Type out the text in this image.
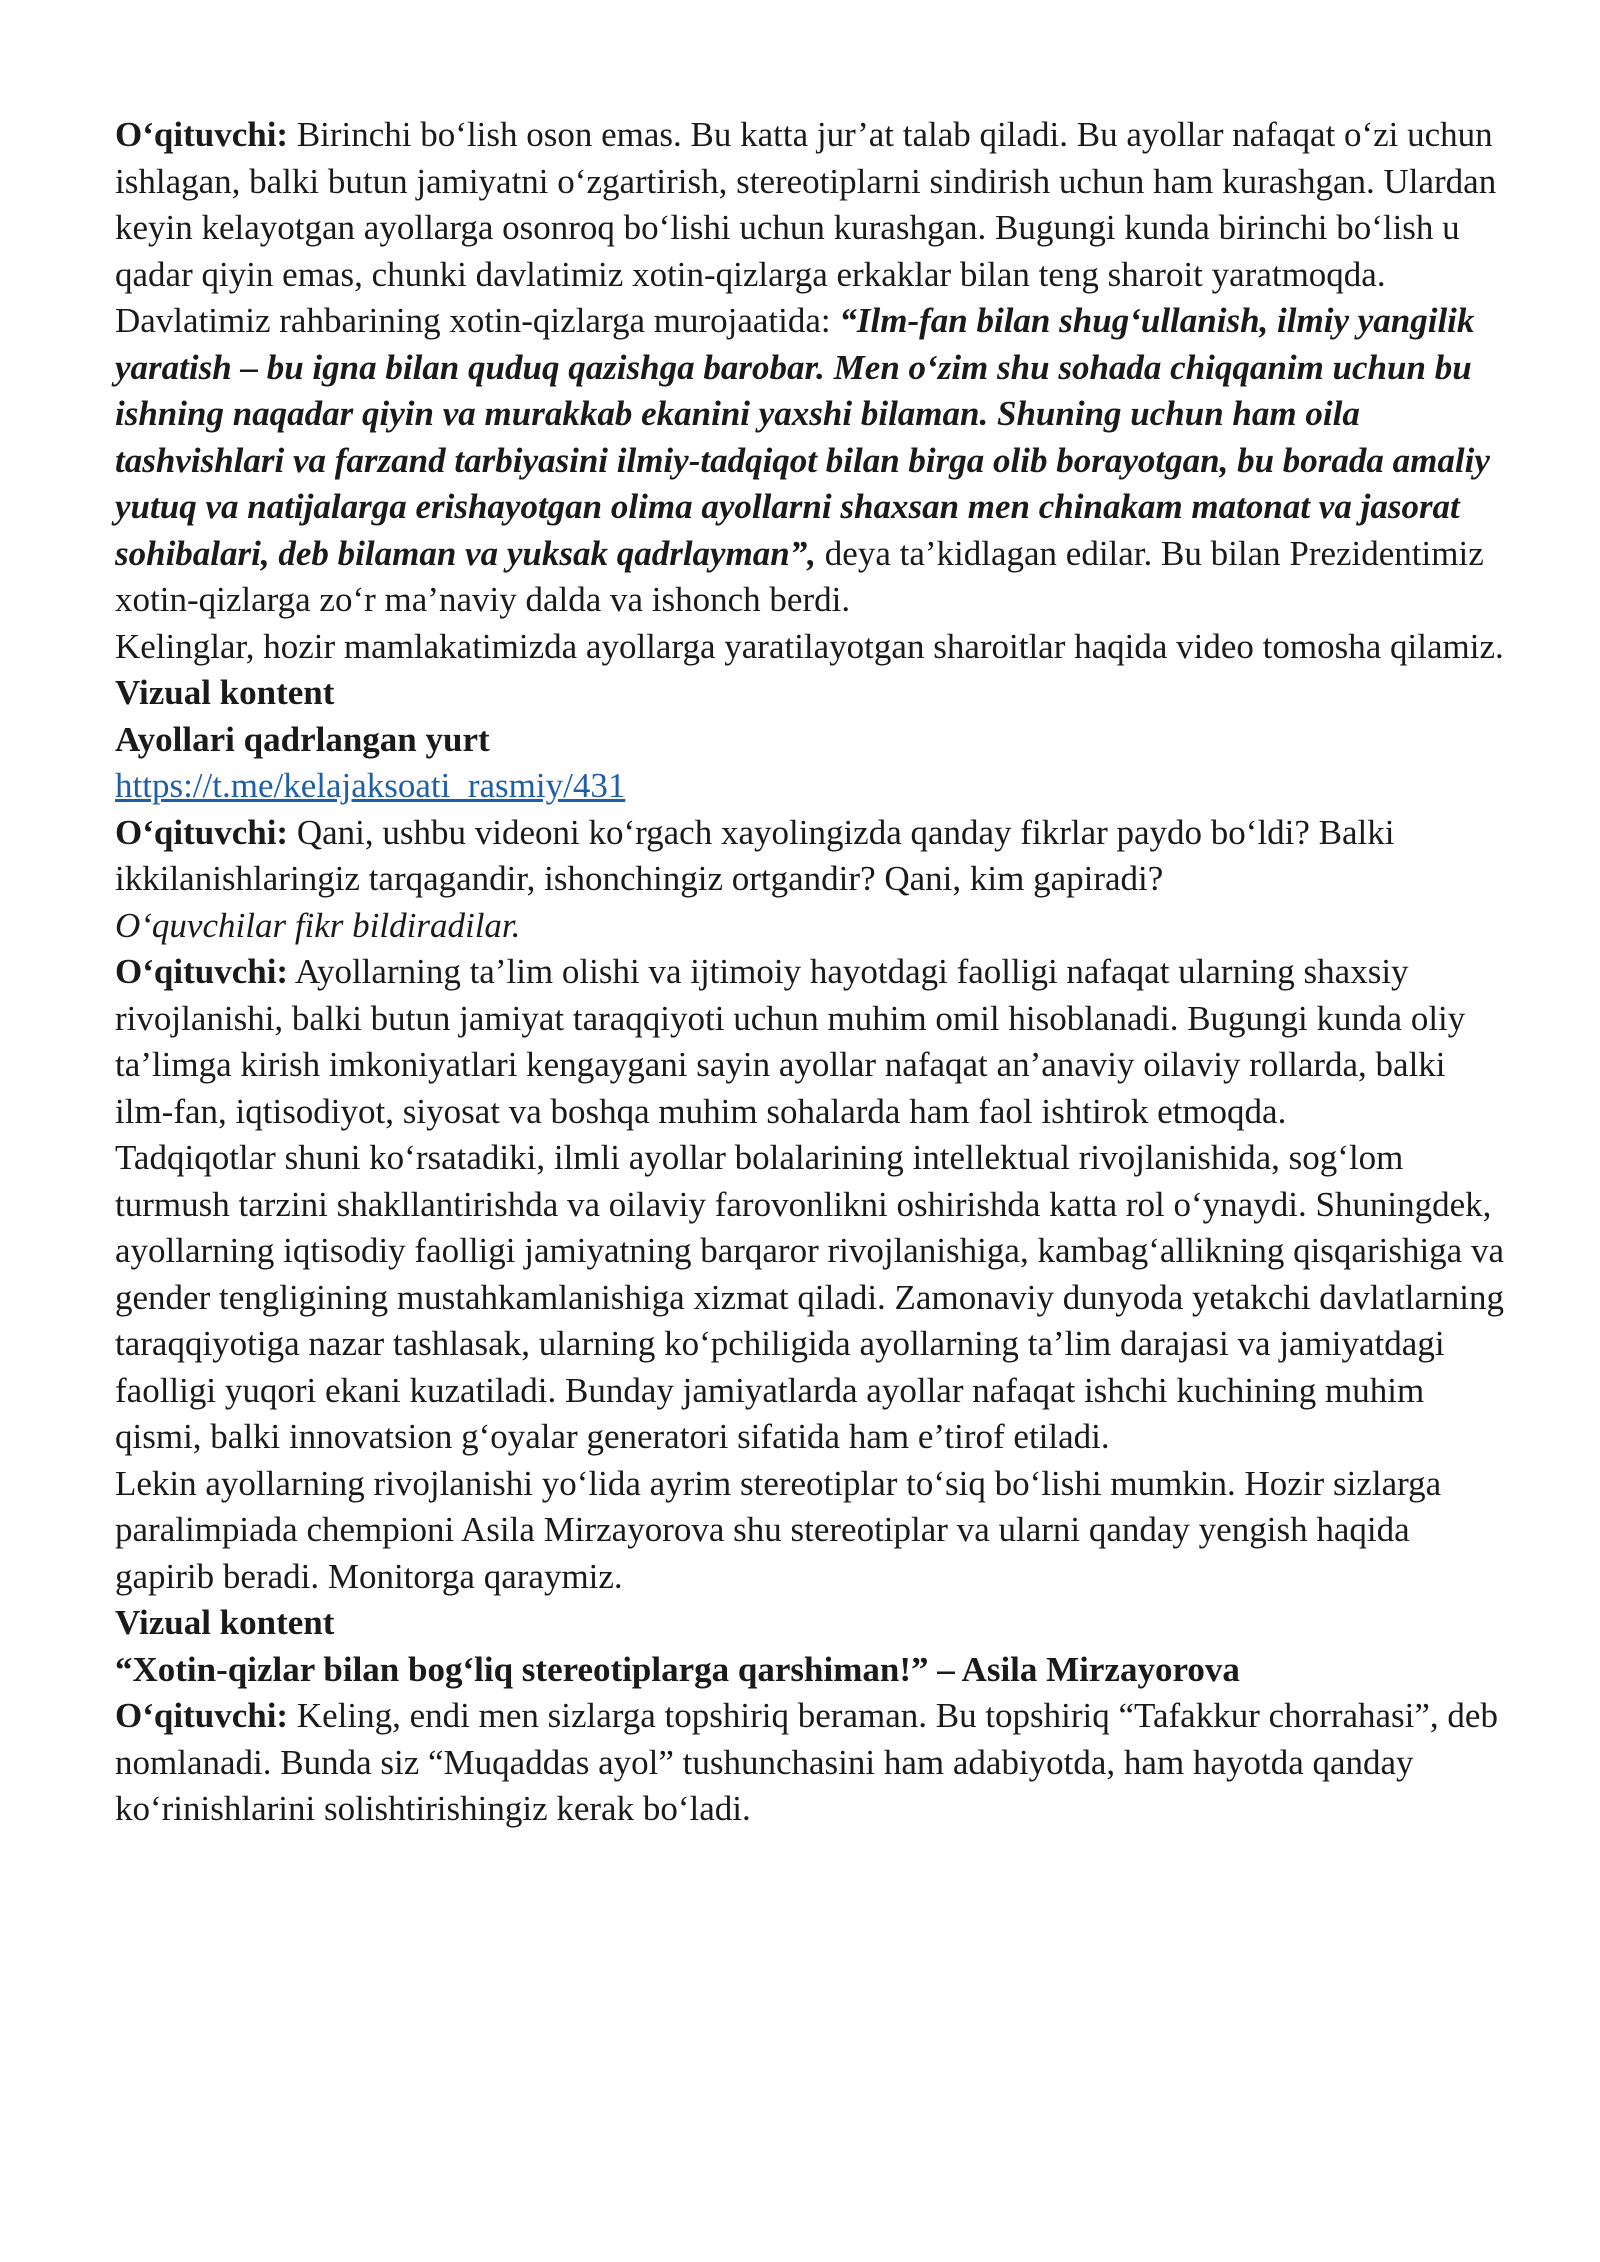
O‘qituvchi: Birinchi bo‘lish oson emas. Bu katta jur’at talab qiladi. Bu ayollar nafaqat o‘zi uchun ishlagan, balki butun jamiyatni o‘zgartirish, stereotiplarni sindirish uchun ham kurashgan. Ulardan keyin kelayotgan ayollarga osonroq bo‘lishi uchun kurashgan. Bugungi kunda birinchi bo‘lish u qadar qiyin emas, chunki davlatimiz xotin-qizlarga erkaklar bilan teng sharoit yaratmoqda. Davlatimiz rahbarining xotin-qizlarga murojaatida: “Ilm-fan bilan shug‘ullanish, ilmiy yangilik yaratish – bu igna bilan quduq qazishga barobar. Men o‘zim shu sohada chiqqanim uchun bu ishning naqadar qiyin va murakkab ekanini yaxshi bilaman. Shuning uchun ham oila tashvishlari va farzand tarbiyasini ilmiy-tadqiqot bilan birga olib borayotgan, bu borada amaliy yutuq va natijalarga erishayotgan olima ayollarni shaxsan men chinakam matonat va jasorat sohibalari, deb bilaman va yuksak qadrlayman”, deya ta’kidlagan edilar. Bu bilan Prezidentimiz xotin-qizlarga zo‘r ma’naviy dalda va ishonch berdi.

Kelinglar, hozir mamlakatimizda ayollarga yaratilayotgan sharoitlar haqida video tomosha qilamiz.

Vizual kontent

Ayollari qadrlangan yurt

https://t.me/kelajaksoati_rasmiy/431

O‘qituvchi: Qani, ushbu videoni ko‘rgach xayolingizda qanday fikrlar paydo bo‘ldi? Balki ikkilanishlaringiz tarqagandir, ishonchingiz ortgandir? Qani, kim gapiradi?

O‘quvchilar fikr bildiradilar.

O‘qituvchi: Ayollarning ta’lim olishi va ijtimoiy hayotdagi faolligi nafaqat ularning shaxsiy rivojlanishi, balki butun jamiyat taraqqiyoti uchun muhim omil hisoblanadi. Bugungi kunda oliy ta’limga kirish imkoniyatlari kengaygani sayin ayollar nafaqat an’anaviy oilaviy rollarda, balki ilm-fan, iqtisodiyot, siyosat va boshqa muhim sohalarda ham faol ishtirok etmoqda.

Tadqiqotlar shuni ko‘rsatadiki, ilmli ayollar bolalarining intellektual rivojlanishida, sog‘lom turmush tarzini shakllantirishda va oilaviy farovonlikni oshirishda katta rol o‘ynaydi. Shuningdek, ayollarning iqtisodiy faolligi jamiyatning barqaror rivojlanishiga, kambag‘allikning qisqarishiga va gender tengligining mustahkamlanishiga xizmat qiladi. Zamonaviy dunyoda yetakchi davlatlarning taraqqiyotiga nazar tashlasak, ularning ko‘pchiligida ayollarning ta’lim darajasi va jamiyatdagi faolligi yuqori ekani kuzatiladi. Bunday jamiyatlarda ayollar nafaqat ishchi kuchining muhim qismi, balki innovatsion g‘oyalar generatori sifatida ham e’tirof etiladi.

Lekin ayollarning rivojlanishi yo‘lida ayrim stereotiplar to‘siq bo‘lishi mumkin. Hozir sizlarga paralimpiada chempioni Asila Mirzayorova shu stereotiplar va ularni qanday yengish haqida gapirib beradi. Monitorga qaraymiz.

Vizual kontent

“Xotin-qizlar bilan bog‘liq stereotiplarga qarshiman!” – Asila Mirzayorova

O‘qituvchi: Keling, endi men sizlarga topshiriq beraman. Bu topshiriq “Tafakkur chorrahasi”, deb nomlanadi. Bunda siz “Muqaddas ayol” tushunchasini ham adabiyotda, ham hayotda qanday ko‘rinishlarini solishtirishingiz kerak bo‘ladi.
